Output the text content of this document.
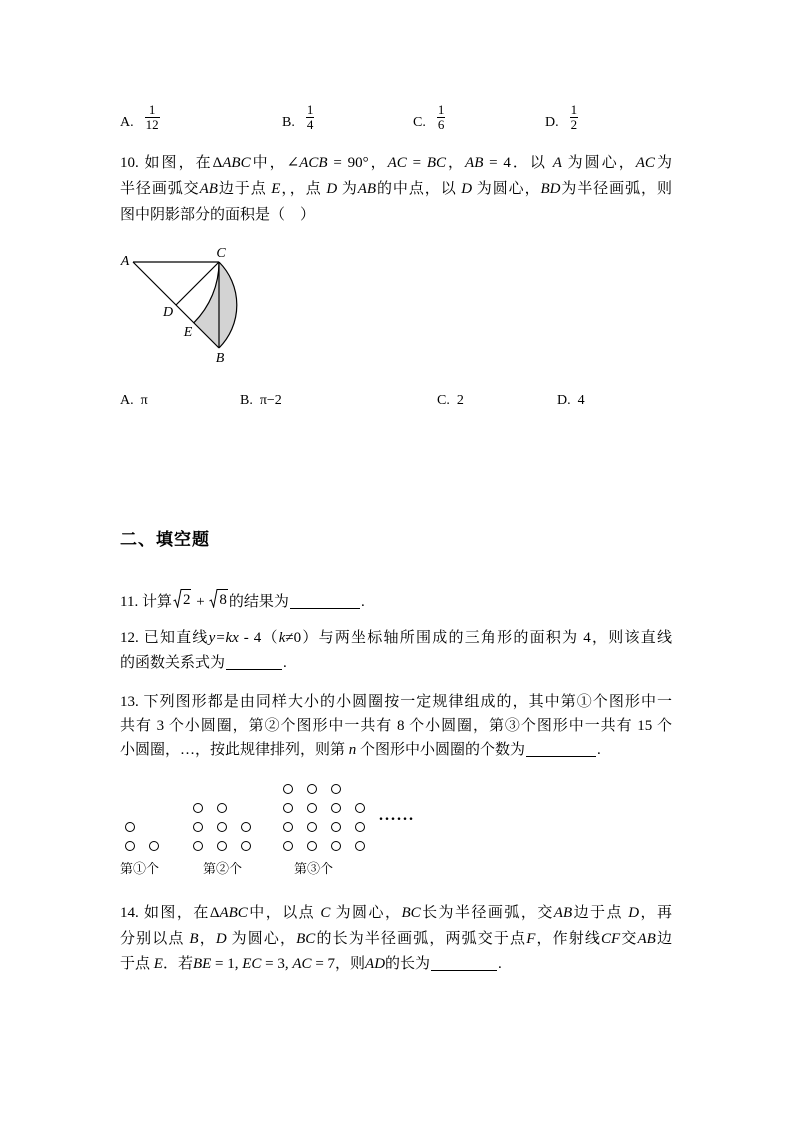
A. $\frac{1}{12}$	B. $\frac{1}{4}$	C. $\frac{1}{6}$	D. $\frac{1}{2}$
10. 如图，在ΔABC中，∠ACB = 90°，AC = BC，AB = 4．以 A 为圆心，AC为
半径画弧交AB边于点 E，，点 D 为AB的中点，以 D 为圆心，BD为半径画弧，则
图中阴影部分的面积是（    ）
A
C
D
E
B
A. π	B. π−2	C. 2	D. 4
二、填空题
11. 计算 2 + 8 的结果为	.
12. 已知直线y=kx - 4（k≠0）与两坐标轴所围成的三角形的面积为 4，则该直线
的函数关系式为	.
13. 下列图形都是由同样大小的小圆圈按一定规律组成的，其中第①个图形中一
共有 3 个小圆圈，第②个图形中一共有 8 个小圆圈，第③个图形中一共有 15 个
小圆圈，…，按此规律排列，则第 n 个图形中小圆圈的个数为	.
......
第①个	第②个	第③个
14. 如图，在ΔABC中，以点 C 为圆心，BC长为半径画弧，交AB边于点 D，再
分别以点 B，D 为圆心，BC的长为半径画弧，两弧交于点F，作射线CF交AB边
于点 E．若BE = 1, EC = 3, AC = 7，则AD的长为	.
